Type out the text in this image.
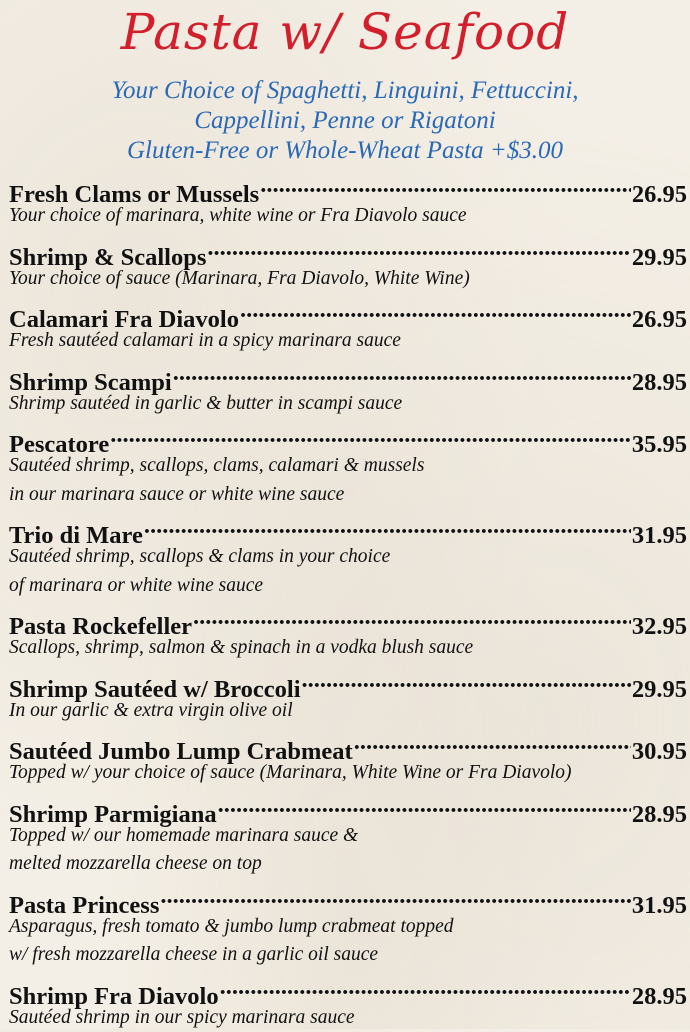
Pasta w/ Seafood
Your Choice of Spaghetti, Linguini, Fettuccini,
Cappellini, Penne or Rigatoni
Gluten-Free or Whole-Wheat Pasta +$3.00
Fresh Clams or Mussels .....	26.95
Your choice of marinara, white wine or Fra Diavolo sauce
Shrimp & Scallops .....	29.95
Your choice of sauce (Marinara, Fra Diavolo, White Wine)
Calamari Fra Diavolo .....	26.95
Fresh sautéed calamari in a spicy marinara sauce
Shrimp Scampi .....	28.95
Shrimp sautéed in garlic & butter in scampi sauce
Pescatore .....	35.95
Sautéed shrimp, scallops, clams, calamari & mussels
in our marinara sauce or white wine sauce
Trio di Mare .....	31.95
Sautéed shrimp, scallops & clams in your choice
of marinara or white wine sauce
Pasta Rockefeller .....	32.95
Scallops, shrimp, salmon & spinach in a vodka blush sauce
Shrimp Sautéed w/ Broccoli .....	29.95
In our garlic & extra virgin olive oil
Sautéed Jumbo Lump Crabmeat .....	30.95
Topped w/ your choice of sauce (Marinara, White Wine or Fra Diavolo)
Shrimp Parmigiana .....	28.95
Topped w/ our homemade marinara sauce &
melted mozzarella cheese on top
Pasta Princess .....	31.95
Asparagus, fresh tomato & jumbo lump crabmeat topped
w/ fresh mozzarella cheese in a garlic oil sauce
Shrimp Fra Diavolo .....	28.95
Sautéed shrimp in our spicy marinara sauce
